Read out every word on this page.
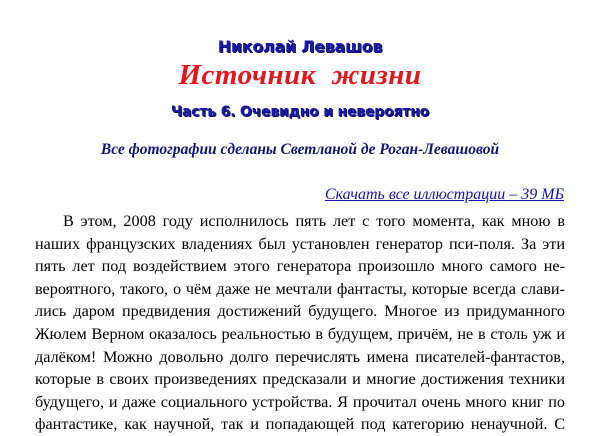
Николай Левашов
Источник жизни
Часть 6. Очевидно и невероятно
Все фотографии сделаны Светланой де Роган-Левашовой
Скачать все иллюстрации – 39 МБ
В этом, 2008 году исполнилось пять лет с того момента, как мною в
наших французских владениях был установлен генератор пси-поля. За эти
пять лет под воздействием этого генератора произошло много самого не-
вероятного, такого, о чём даже не мечтали фантасты, которые всегда слави-
лись даром предвидения достижений будущего. Многое из придуманного
Жюлем Верном оказалось реальностью в будущем, причём, не в столь уж и
далёком! Можно довольно долго перечислять имена писателей-фантастов,
которые в своих произведениях предсказали и многие достижения техники
будущего, и даже социального устройства. Я прочитал очень много книг по
фантастике, как научной, так и попадающей под категорию ненаучной. С
